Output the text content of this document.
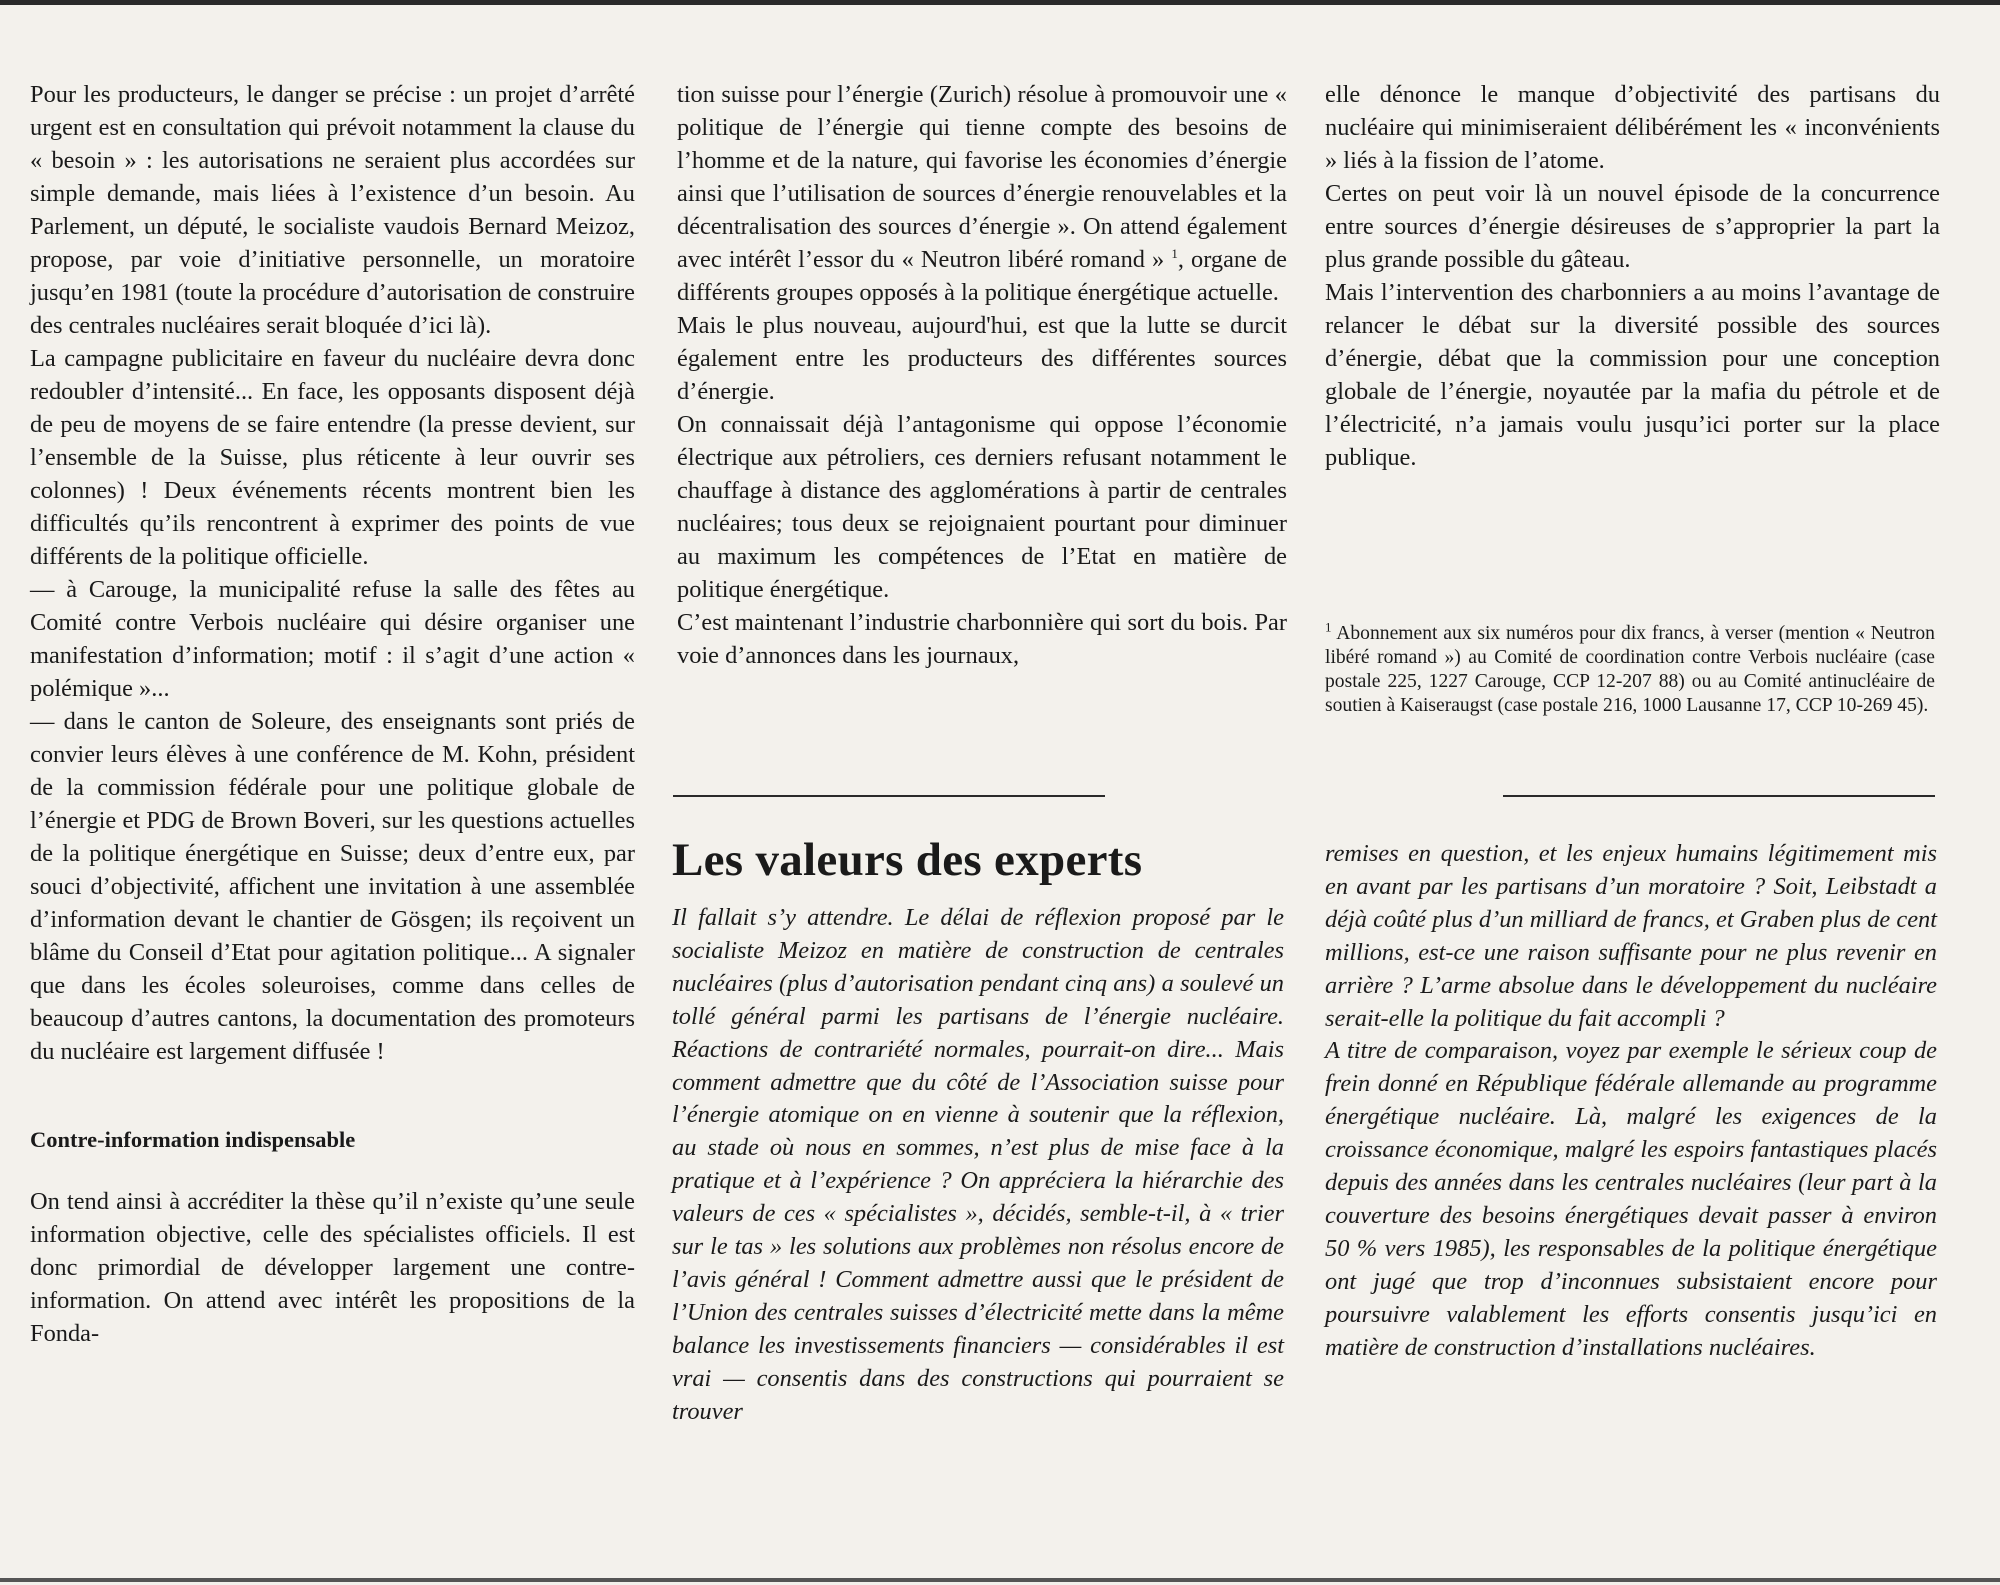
Pour les producteurs, le danger se précise : un projet d’arrêté urgent est en consultation qui prévoit notamment la clause du « besoin » : les autorisations ne seraient plus accordées sur simple demande, mais liées à l’existence d’un besoin. Au Parlement, un député, le socialiste vaudois Bernard Meizoz, propose, par voie d’initiative personnelle, un moratoire jusqu’en 1981 (toute la procédure d’autorisation de construire des centrales nucléaires serait bloquée d’ici là).

La campagne publicitaire en faveur du nucléaire devra donc redoubler d’intensité... En face, les opposants disposent déjà de peu de moyens de se faire entendre (la presse devient, sur l’ensemble de la Suisse, plus réticente à leur ouvrir ses colonnes) ! Deux événements récents montrent bien les difficultés qu’ils rencontrent à exprimer des points de vue différents de la politique officielle.

— à Carouge, la municipalité refuse la salle des fêtes au Comité contre Verbois nucléaire qui désire organiser une manifestation d’information; motif : il s’agit d’une action « polémique »...

— dans le canton de Soleure, des enseignants sont priés de convier leurs élèves à une conférence de M. Kohn, président de la commission fédérale pour une politique globale de l’énergie et PDG de Brown Boveri, sur les questions actuelles de la politique énergétique en Suisse; deux d’entre eux, par souci d’objectivité, affichent une invitation à une assemblée d’information devant le chantier de Gösgen; ils reçoivent un blâme du Conseil d’Etat pour agitation politique... A signaler que dans les écoles soleuroises, comme dans celles de beaucoup d’autres cantons, la documentation des promoteurs du nucléaire est largement diffusée !

Contre-information indispensable

On tend ainsi à accréditer la thèse qu’il n’existe qu’une seule information objective, celle des spécialistes officiels. Il est donc primordial de développer largement une contre-information. On attend avec intérêt les propositions de la Fonda-

tion suisse pour l’énergie (Zurich) résolue à promouvoir une « politique de l’énergie qui tienne compte des besoins de l’homme et de la nature, qui favorise les économies d’énergie ainsi que l’utilisation de sources d’énergie renouvelables et la décentralisation des sources d’énergie ». On attend également avec intérêt l’essor du « Neutron libéré romand » $^1$, organe de différents groupes opposés à la politique énergétique actuelle.

Mais le plus nouveau, aujourd'hui, est que la lutte se durcit également entre les producteurs des différentes sources d’énergie.

On connaissait déjà l’antagonisme qui oppose l’économie électrique aux pétroliers, ces derniers refusant notamment le chauffage à distance des agglomérations à partir de centrales nucléaires; tous deux se rejoignaient pourtant pour diminuer au maximum les compétences de l’Etat en matière de politique énergétique.

C’est maintenant l’industrie charbonnière qui sort du bois. Par voie d’annonces dans les journaux,

elle dénonce le manque d’objectivité des partisans du nucléaire qui minimiseraient délibérément les « inconvénients » liés à la fission de l’atome.

Certes on peut voir là un nouvel épisode de la concurrence entre sources d’énergie désireuses de s’approprier la part la plus grande possible du gâteau.

Mais l’intervention des charbonniers a au moins l’avantage de relancer le débat sur la diversité possible des sources d’énergie, débat que la commission pour une conception globale de l’énergie, noyautée par la mafia du pétrole et de l’électricité, n’a jamais voulu jusqu’ici porter sur la place publique.

$^1$ Abonnement aux six numéros pour dix francs, à verser (mention « Neutron libéré romand ») au Comité de coordination contre Verbois nucléaire (case postale 225, 1227 Carouge, CCP 12-207 88) ou au Comité antinucléaire de soutien à Kaiseraugst (case postale 216, 1000 Lausanne 17, CCP 10-269 45).

Les valeurs des experts

Il fallait s’y attendre. Le délai de réflexion proposé par le socialiste Meizoz en matière de construction de centrales nucléaires (plus d’autorisation pendant cinq ans) a soulevé un tollé général parmi les partisans de l’énergie nucléaire. Réactions de contrariété normales, pourrait-on dire... Mais comment admettre que du côté de l’Association suisse pour l’énergie atomique on en vienne à soutenir que la réflexion, au stade où nous en sommes, n’est plus de mise face à la pratique et à l’expérience ? On appréciera la hiérarchie des valeurs de ces « spécialistes », décidés, semble-t-il, à « trier sur le tas » les solutions aux problèmes non résolus encore de l’avis général ! Comment admettre aussi que le président de l’Union des centrales suisses d’électricité mette dans la même balance les investissements financiers — considérables il est vrai — consentis dans des constructions qui pourraient se trouver

remises en question, et les enjeux humains légitimement mis en avant par les partisans d’un moratoire ? Soit, Leibstadt a déjà coûté plus d’un milliard de francs, et Graben plus de cent millions, est-ce une raison suffisante pour ne plus revenir en arrière ? L’arme absolue dans le développement du nucléaire serait-elle la politique du fait accompli ?

A titre de comparaison, voyez par exemple le sérieux coup de frein donné en République fédérale allemande au programme énergétique nucléaire. Là, malgré les exigences de la croissance économique, malgré les espoirs fantastiques placés depuis des années dans les centrales nucléaires (leur part à la couverture des besoins énergétiques devait passer à environ 50 % vers 1985), les responsables de la politique énergétique ont jugé que trop d’inconnues subsistaient encore pour poursuivre valablement les efforts consentis jusqu’ici en matière de construction d’installations nucléaires.
